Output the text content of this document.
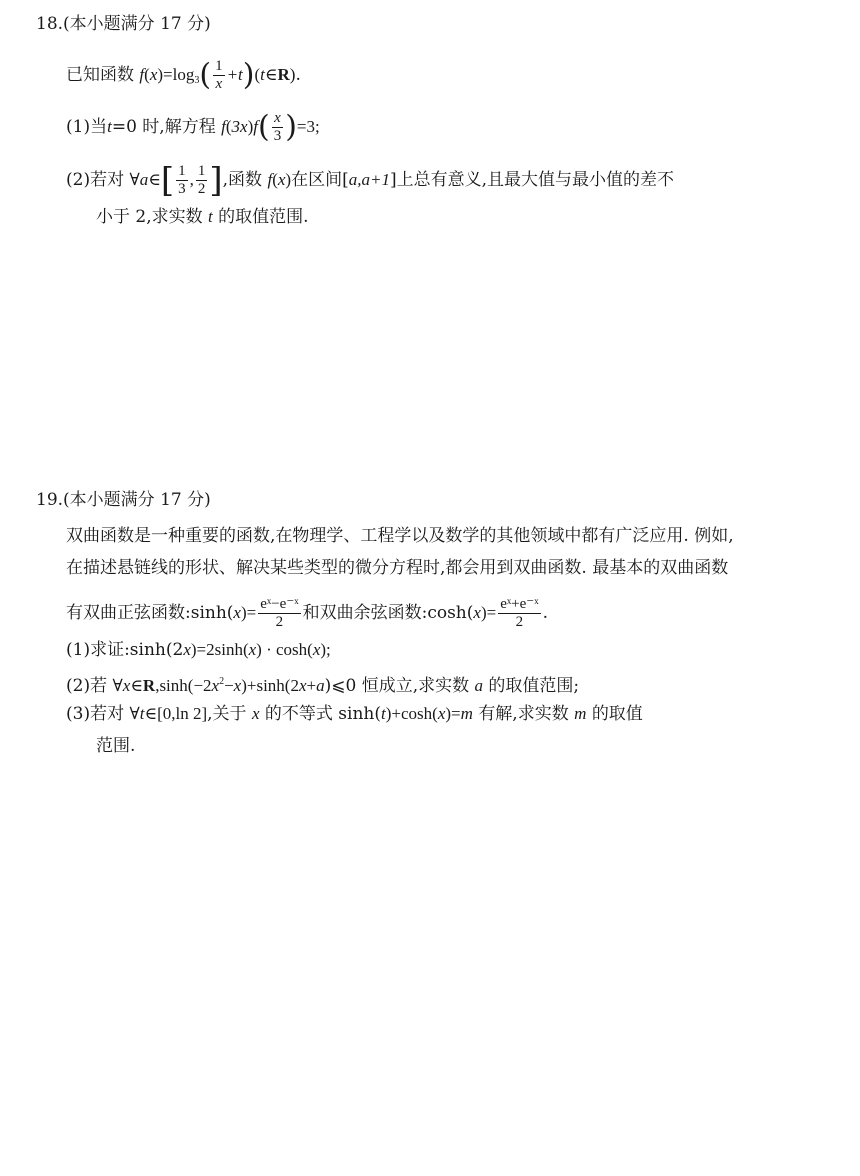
18.(本小题满分 17 分)
已知函数 $f(x)=\log 3( \frac{1}{x}$ +t)(t∈R).
(1)当t=0 时,解方程 $f(3x)f( \frac{x}{3} )=3$;
(2)若对 ∀a∈[ $\frac{1}{3}$ , $\frac{1}{2}$ ],函数 f(x)在区间[a,a+1]上总有意义,且最大值与最小值的差不
小于 2,求实数 t 的取值范围.
19.(本小题满分 17 分)
双曲函数是一种重要的函数,在物理学、工程学以及数学的其他领域中都有广泛应用. 例如,
在描述悬链线的形状、解决某些类型的微分方程时,都会用到双曲函数. 最基本的双曲函数
有双曲正弦函数:sinh(x)= $\frac{\text{eˣ−e⁻ˣ}}{2}$ 和双曲余弦函数:cosh(x)= $\frac{\text{eˣ+e⁻ˣ}}{2}$ .
(1)求证:sinh(2x)=2sinh(x) · cosh(x);
(2)若 $\forall x\in R,\sinh(-2x^2-x)+\sinh(2x+a)⩽0$ 恒成立,求实数 a 的取值范围;
(3)若对 ∀t∈[0,ln 2],关于 x 的不等式 sinh(t)+cosh(x)=m 有解,求实数 m 的取值
范围.
